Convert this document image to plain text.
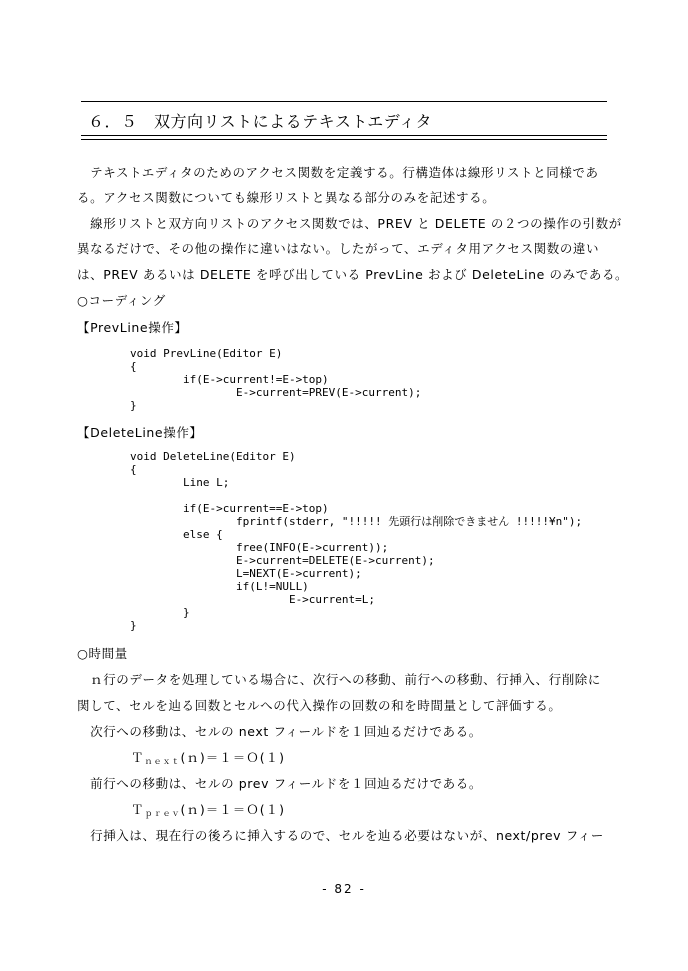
６．５　双方向リストによるテキストエディタ
　テキストエディタのためのアクセス関数を定義する。行構造体は線形リストと同様であ
る。アクセス関数についても線形リストと異なる部分のみを記述する。
　線形リストと双方向リストのアクセス関数では、PREV と DELETE の２つの操作の引数が
異なるだけで、その他の操作に違いはない。したがって、エディタ用アクセス関数の違い
は、PREV あるいは DELETE を呼び出している PrevLine および DeleteLine のみである。
○コーディング
【PrevLine操作】
void PrevLine(Editor E)
{
if(E->current!=E->top)
E->current=PREV(E->current);
}
【DeleteLine操作】
void DeleteLine(Editor E)
{
Line L;

if(E->current==E->top)
fprintf(stderr, "!!!!! 先頭行は削除できません !!!!!¥n");
else {
free(INFO(E->current));
E->current=DELETE(E->current);
L=NEXT(E->current);
if(L!=NULL)
E->current=L;
}
}
○時間量
　ｎ行のデータを処理している場合に、次行への移動、前行への移動、行挿入、行削除に
関して、セルを辿る回数とセルへの代入操作の回数の和を時間量として評価する。
　次行への移動は、セルの next フィールドを１回辿るだけである。
Ｔ$_{next}$(ｎ)＝１＝Ｏ(１)
　前行への移動は、セルの prev フィールドを１回辿るだけである。
Ｔ$_{prev}$(ｎ)＝１＝Ｏ(１)
　行挿入は、現在行の後ろに挿入するので、セルを辿る必要はないが、next/prev フィー
- 82 -
